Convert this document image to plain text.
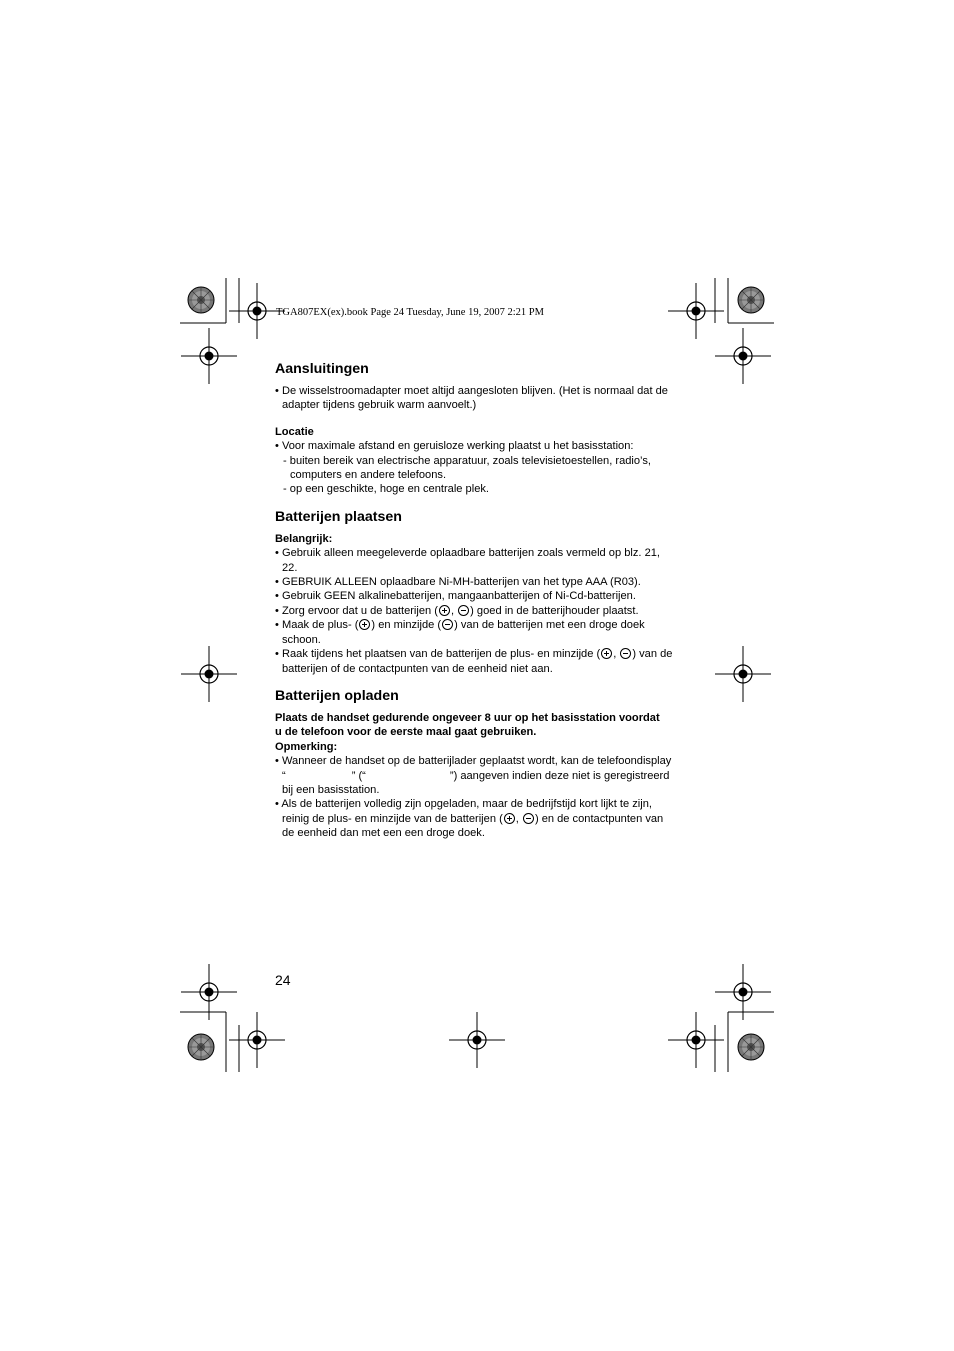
TGA807EX(ex).book Page 24 Tuesday, June 19, 2007 2:21 PM
Aansluitingen

• De wisselstroomadapter moet altijd aangesloten blijven. (Het is normaal dat de
adapter tijdens gebruik warm aanvoelt.)

Locatie

• Voor maximale afstand en geruisloze werking plaatst u het basisstation:

- buiten bereik van electrische apparatuur, zoals televisietoestellen, radio’s,
computers en andere telefoons.

- op een geschikte, hoge en centrale plek.

Batterijen plaatsen

Belangrijk:

• Gebruik alleen meegeleverde oplaadbare batterijen zoals vermeld op blz. 21,
22.

• GEBRUIK ALLEEN oplaadbare Ni-MH-batterijen van het type AAA (R03).

• Gebruik GEEN alkalinebatterijen, mangaanbatterijen of Ni-Cd-batterijen.

• Zorg ervoor dat u de batterijen ( , ) goed in de batterijhouder plaatst.

• Maak de plus- ( ) en minzijde ( ) van de batterijen met een droge doek
schoon.

• Raak tijdens het plaatsen van de batterijen de plus- en minzijde ( , ) van de
batterijen of de contactpunten van de eenheid niet aan.

Batterijen opladen

Plaats de handset gedurende ongeveer 8 uur op het basisstation voordat
u de telefoon voor de eerste maal gaat gebruiken.

Opmerking:

• Wanneer de handset op de batterijlader geplaatst wordt, kan de telefoondisplay
“	” (“	”) aangeven indien deze niet is geregistreerd
bij een basisstation.

• Als de batterijen volledig zijn opgeladen, maar de bedrijfstijd kort lijkt te zijn,
reinig de plus- en minzijde van de batterijen ( , ) en de contactpunten van
de eenheid dan met een een droge doek.

24
